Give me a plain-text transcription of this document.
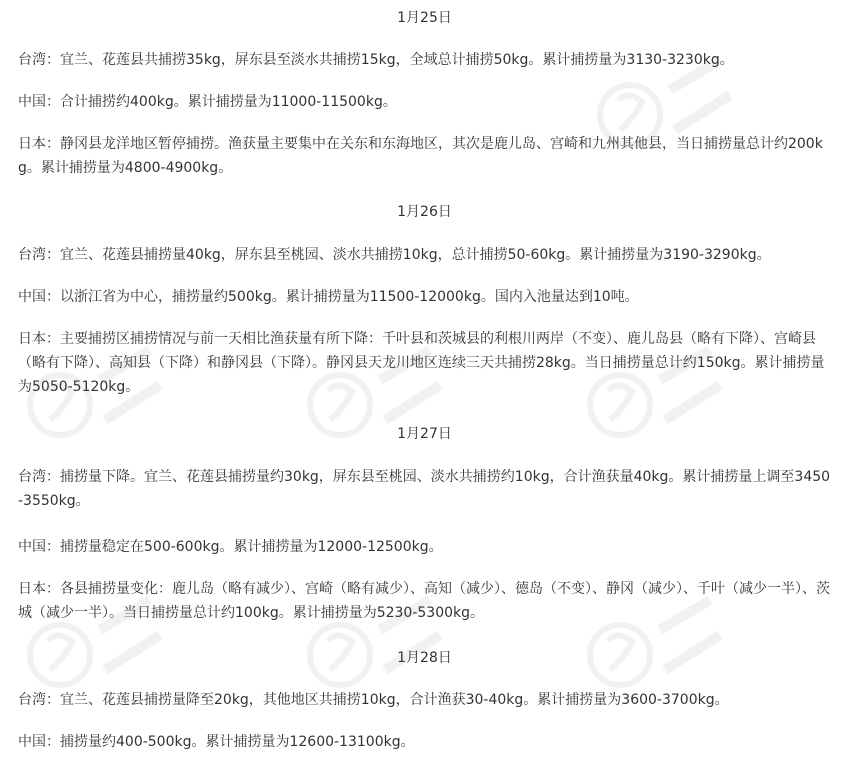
1月25日
台湾：宜兰、花莲县共捕捞35kg，屏东县至淡水共捕捞15kg，全域总计捕捞50kg。累计捕捞量为3130-3230kg。
中国：合计捕捞约400kg。累计捕捞量为11000-11500kg。
日本：静冈县龙洋地区暂停捕捞。渔获量主要集中在关东和东海地区，其次是鹿儿岛、宫崎和九州其他县，当日捕捞量总计约200kg。累计捕捞量为4800-4900kg。
1月26日
台湾：宜兰、花莲县捕捞量40kg，屏东县至桃园、淡水共捕捞10kg，总计捕捞50-60kg。累计捕捞量为3190-3290kg。
中国：以浙江省为中心，捕捞量约500kg。累计捕捞量为11500-12000kg。国内入池量达到10吨。
日本：主要捕捞区捕捞情况与前一天相比渔获量有所下降：千叶县和茨城县的利根川两岸（不变）、鹿儿岛县（略有下降）、宫崎县（略有下降）、高知县（下降）和静冈县（下降）。静冈县天龙川地区连续三天共捕捞28kg。当日捕捞量总计约150kg。累计捕捞量为5050-5120kg。
1月27日
台湾：捕捞量下降。宜兰、花莲县捕捞量约30kg，屏东县至桃园、淡水共捕捞约10kg，合计渔获量40kg。累计捕捞量上调至3450-3550kg。
中国：捕捞量稳定在500-600kg。累计捕捞量为12000-12500kg。
日本：各县捕捞量变化：鹿儿岛（略有减少）、宫崎（略有减少）、高知（减少）、德岛（不变）、静冈（减少）、千叶（减少一半）、茨城（减少一半）。当日捕捞量总计约100kg。累计捕捞量为5230-5300kg。
1月28日
台湾：宜兰、花莲县捕捞量降至20kg，其他地区共捕捞10kg，合计渔获30-40kg。累计捕捞量为3600-3700kg。
中国：捕捞量约400-500kg。累计捕捞量为12600-13100kg。
